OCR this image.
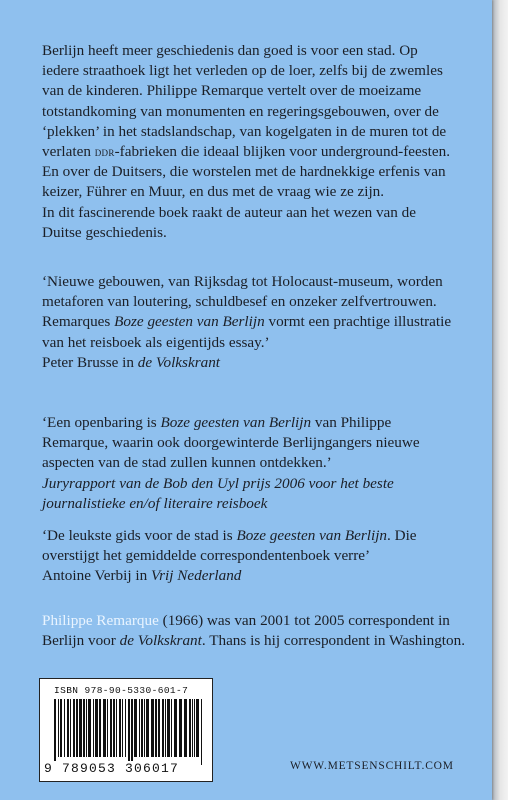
Berlijn heeft meer geschiedenis dan goed is voor een stad. Op

iedere straathoek ligt het verleden op de loer, zelfs bij de zwemles

van de kinderen. Philippe Remarque vertelt over de moeizame

totstandkoming van monumenten en regeringsgebouwen, over de

‘plekken’ in het stadslandschap, van kogelgaten in de muren tot de

verlaten ddr-fabrieken die ideaal blijken voor underground-feesten.

En over de Duitsers, die worstelen met de hardnekkige erfenis van

keizer, Führer en Muur, en dus met de vraag wie ze zijn.

In dit fascinerende boek raakt de auteur aan het wezen van de

Duitse geschiedenis.

‘Nieuwe gebouwen, van Rijksdag tot Holocaust-museum, worden

metaforen van loutering, schuldbesef en onzeker zelfvertrouwen.

Remarques Boze geesten van Berlijn vormt een prachtige illustratie

van het reisboek als eigentijds essay.’

Peter Brusse in de Volkskrant

‘Een openbaring is Boze geesten van Berlijn van Philippe

Remarque, waarin ook doorgewinterde Berlijngangers nieuwe

aspecten van de stad zullen kunnen ontdekken.’

Juryrapport van de Bob den Uyl prijs 2006 voor het beste

journalistieke en/of literaire reisboek

‘De leukste gids voor de stad is Boze geesten van Berlijn. Die

overstijgt het gemiddelde correspondentenboek verre’

Antoine Verbij in Vrij Nederland

Philippe Remarque (1966) was van 2001 tot 2005 correspondent in

Berlijn voor de Volkskrant. Thans is hij correspondent in Washington.

ISBN 978-90-5330-601-7
9 789053 306017	WWW.METSENSCHILT.COM
